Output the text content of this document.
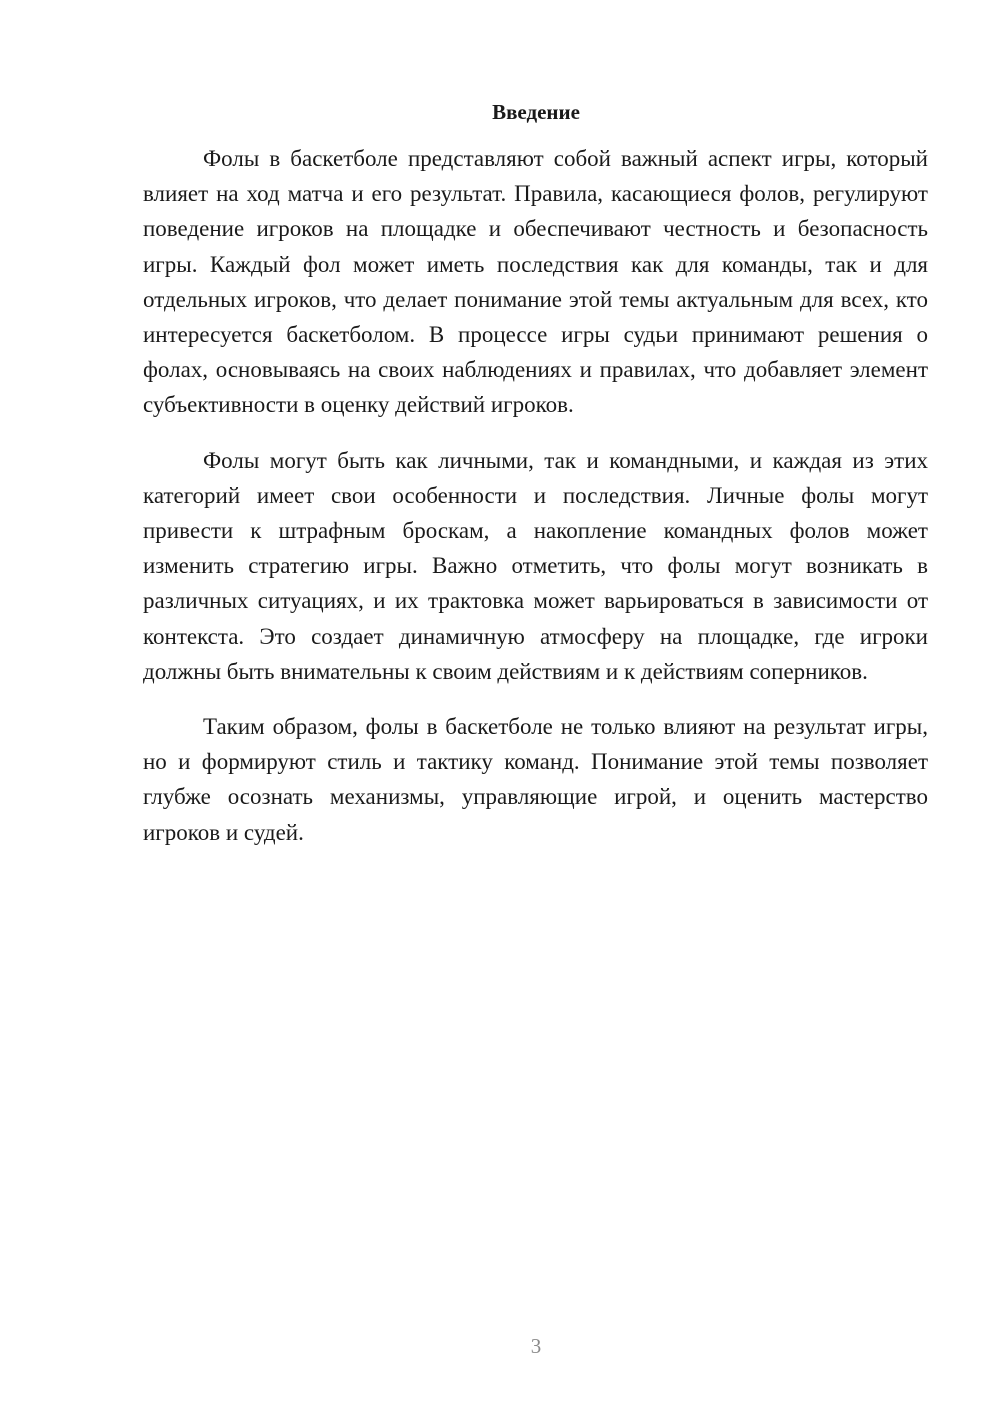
Введение

Фолы в баскетболе представляют собой важный аспект игры, который влияет на ход матча и его результат. Правила, касающиеся фолов, регулируют поведение игроков на площадке и обеспечивают честность и безопасность игры. Каждый фол может иметь последствия как для команды, так и для отдельных игроков, что делает понимание этой темы актуальным для всех, кто интересуется баскетболом. В процессе игры судьи принимают решения о фолах, основываясь на своих наблюдениях и правилах, что добавляет элемент субъективности в оценку действий игроков.

Фолы могут быть как личными, так и командными, и каждая из этих категорий имеет свои особенности и последствия. Личные фолы могут привести к штрафным броскам, а накопление командных фолов может изменить стратегию игры. Важно отметить, что фолы могут возникать в различных ситуациях, и их трактовка может варьироваться в зависимости от контекста. Это создает динамичную атмосферу на площадке, где игроки должны быть внимательны к своим действиям и к действиям соперников.

Таким образом, фолы в баскетболе не только влияют на результат игры, но и формируют стиль и тактику команд. Понимание этой темы позволяет глубже осознать механизмы, управляющие игрой, и оценить мастерство игроков и судей.

3
